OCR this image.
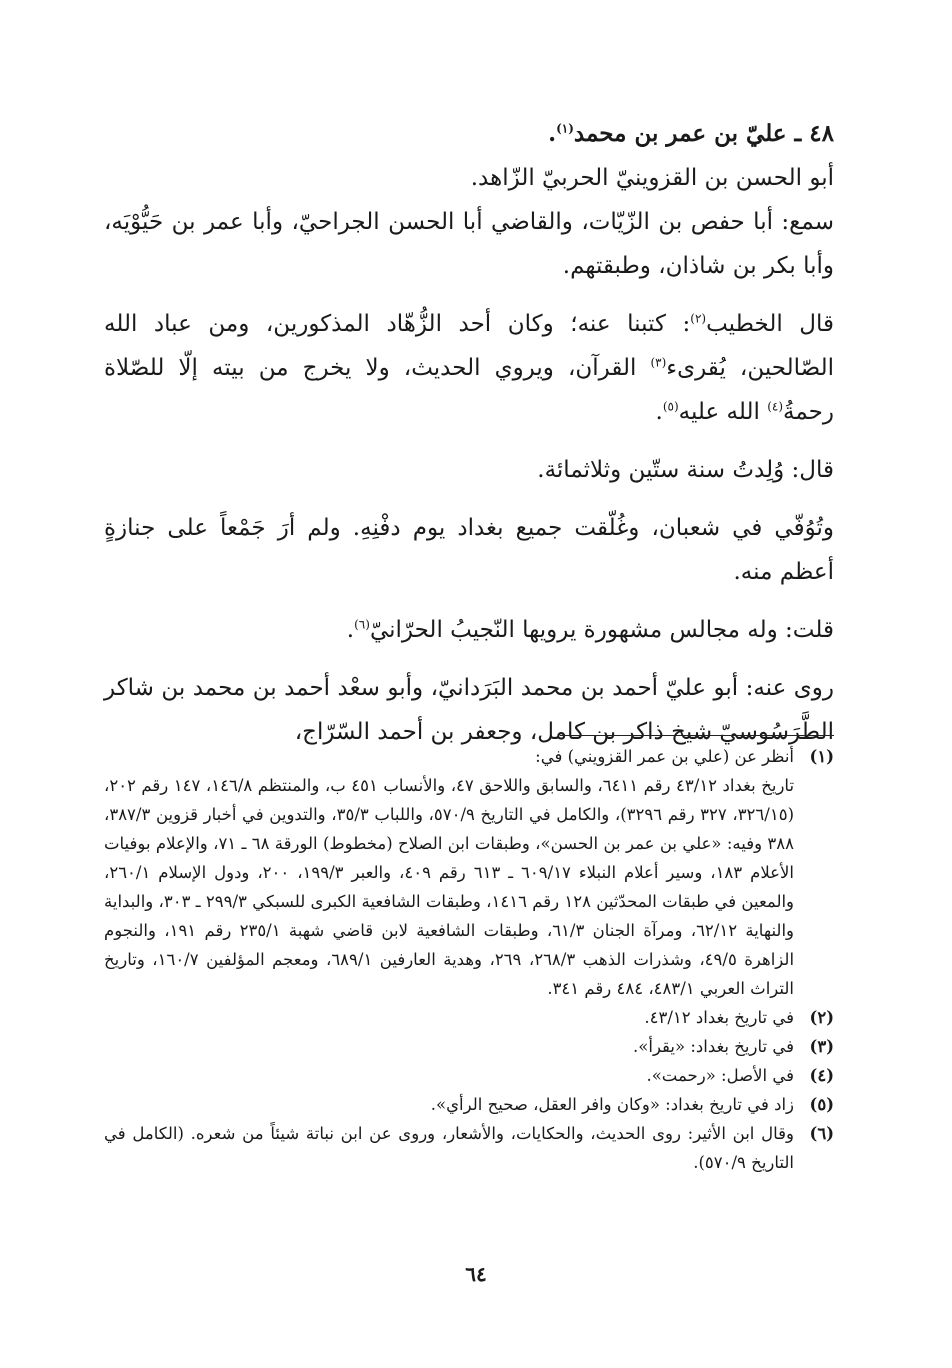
٤٨ ـ عليّ بن عمر بن محمد$^{(١)}$.

أبو الحسن بن القزوينيّ الحربيّ الزّاهد.

سمع: أبا حفص بن الزّيّات، والقاضي أبا الحسن الجراحيّ، وأبا عمر بن حَيُّوْيَه، وأبا بكر بن شاذان، وطبقتهم.

قال الخطيب$^{(٢)}$: كتبنا عنه؛ وكان أحد الزُّهّاد المذكورين، ومن عباد الله الصّالحين، يُقرىء$^{(٣)}$ القرآن، ويروي الحديث، ولا يخرج من بيته إلّا للصّلاة رحمةُ$^{(٤)}$ الله عليه$^{(٥)}$.

قال: وُلِدتُ سنة ستّين وثلاثمائة.

وتُوُفّي في شعبان، وغُلّقت جميع بغداد يوم دفْنِهِ. ولم أرَ جَمْعاً على جنازةٍ أعظم منه.

قلت: وله مجالس مشهورة يرويها النّجيبُ الحرّانيّ$^{(٦)}$.

روى عنه: أبو عليّ أحمد بن محمد البَرَدانيّ، وأبو سعْد أحمد بن محمد بن شاكر الطَّرَسُوسيّ شيخ ذاكر بن كامل، وجعفر بن أحمد السّرّاج،

(١)

أنظر عن (علي بن عمر القزويني) في:

تاريخ بغداد ٤٣/١٢ رقم ٦٤١١، والسابق واللاحق ٤٧، والأنساب ٤٥١ ب، والمنتظم ١٤٦/٨، ١٤٧ رقم ٢٠٢، (٣٢٦/١٥، ٣٢٧ رقم ٣٢٩٦)، والكامل في التاريخ ٥٧٠/٩، واللباب ٣٥/٣، والتدوين في أخبار قزوين ٣٨٧/٣، ٣٨٨ وفيه: «علي بن عمر بن الحسن»، وطبقات ابن الصلاح (مخطوط) الورقة ٦٨ ـ ٧١، والإعلام بوفيات الأعلام ١٨٣، وسير أعلام النبلاء ٦٠٩/١٧ ـ ٦١٣ رقم ٤٠٩، والعبر ١٩٩/٣، ٢٠٠، ودول الإسلام ٢٦٠/١، والمعين في طبقات المحدّثين ١٢٨ رقم ١٤١٦، وطبقات الشافعية الكبرى للسبكي ٢٩٩/٣ ـ ٣٠٣، والبداية والنهاية ٦٢/١٢، ومرآة الجنان ٦١/٣، وطبقات الشافعية لابن قاضي شهبة ٢٣٥/١ رقم ١٩١، والنجوم الزاهرة ٤٩/٥، وشذرات الذهب ٢٦٨/٣، ٢٦٩، وهدية العارفين ٦٨٩/١، ومعجم المؤلفين ١٦٠/٧، وتاريخ التراث العربي ٤٨٣/١، ٤٨٤ رقم ٣٤١.

(٢)

في تاريخ بغداد ٤٣/١٢.

(٣)

في تاريخ بغداد: «يقرأ».

(٤)

في الأصل: «رحمت».

(٥)

زاد في تاريخ بغداد: «وكان وافر العقل، صحيح الرأي».

(٦)

وقال ابن الأثير: روى الحديث، والحكايات، والأشعار، وروى عن ابن نباتة شيئاً من شعره. (الكامل في التاريخ ٥٧٠/٩).

٦٤
